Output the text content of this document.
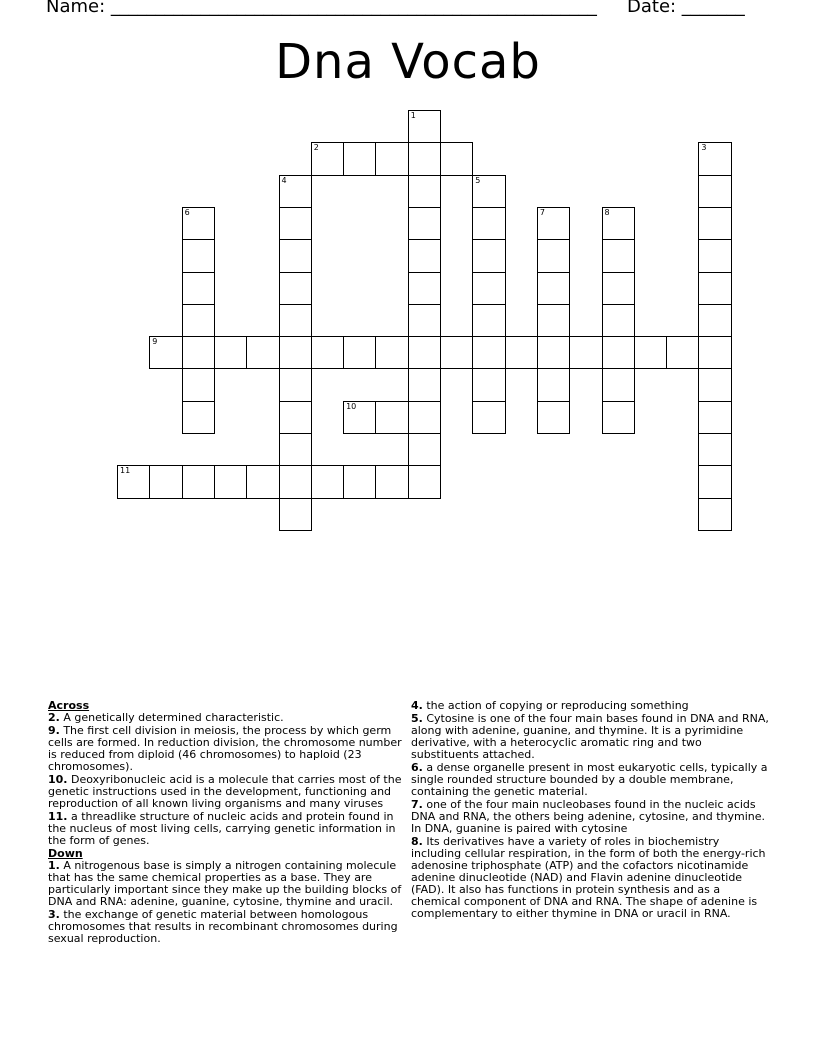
Name: ______________________________________________________ Date: _______
Dna Vocab
1
2	3
4	5
6	7	8
9
10
11
Across
2. A genetically determined characteristic.
9. The first cell division in meiosis, the process by which germ cells are formed. In reduction division, the chromosome number is reduced from diploid (46 chromosomes) to haploid (23 chromosomes).
10. Deoxyribonucleic acid is a molecule that carries most of the genetic instructions used in the development, functioning and reproduction of all known living organisms and many viruses
11. a threadlike structure of nucleic acids and protein found in the nucleus of most living cells, carrying genetic information in the form of genes.
Down
1. A nitrogenous base is simply a nitrogen containing molecule that has the same chemical properties as a base. They are particularly important since they make up the building blocks of DNA and RNA: adenine, guanine, cytosine, thymine and uracil.
3. the exchange of genetic material between homologous chromosomes that results in recombinant chromosomes during sexual reproduction.
4. the action of copying or reproducing something
5. Cytosine is one of the four main bases found in DNA and RNA, along with adenine, guanine, and thymine. It is a pyrimidine derivative, with a heterocyclic aromatic ring and two substituents attached.
6. a dense organelle present in most eukaryotic cells, typically a single rounded structure bounded by a double membrane, containing the genetic material.
7. one of the four main nucleobases found in the nucleic acids DNA and RNA, the others being adenine, cytosine, and thymine. In DNA, guanine is paired with cytosine
8. Its derivatives have a variety of roles in biochemistry including cellular respiration, in the form of both the energy-rich adenosine triphosphate (ATP) and the cofactors nicotinamide adenine dinucleotide (NAD) and Flavin adenine dinucleotide (FAD). It also has functions in protein synthesis and as a chemical component of DNA and RNA. The shape of adenine is complementary to either thymine in DNA or uracil in RNA.
